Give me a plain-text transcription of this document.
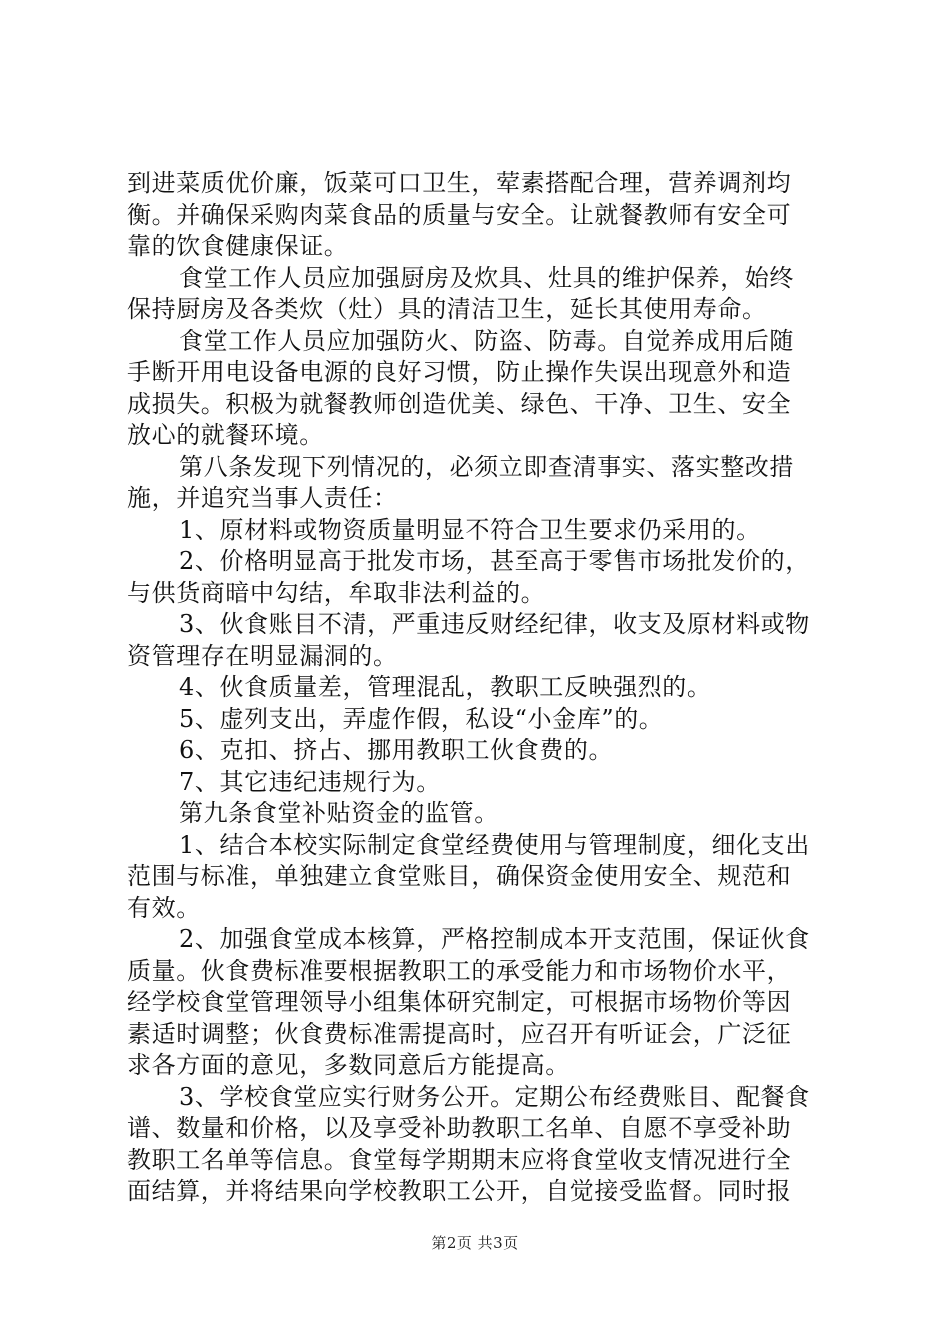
到进菜质优价廉，饭菜可口卫生，荤素搭配合理，营养调剂均
衡。并确保采购肉菜食品的质量与安全。让就餐教师有安全可
靠的饮食健康保证。
食堂工作人员应加强厨房及炊具、灶具的维护保养，始终
保持厨房及各类炊（灶）具的清洁卫生，延长其使用寿命。
食堂工作人员应加强防火、防盗、防毒。自觉养成用后随
手断开用电设备电源的良好习惯，防止操作失误出现意外和造
成损失。积极为就餐教师创造优美、绿色、干净、卫生、安全
放心的就餐环境。
第八条发现下列情况的，必须立即查清事实、落实整改措
施，并追究当事人责任：
1、原材料或物资质量明显不符合卫生要求仍采用的。
2、价格明显高于批发市场，甚至高于零售市场批发价的，
与供货商暗中勾结，牟取非法利益的。
3、伙食账目不清，严重违反财经纪律，收支及原材料或物
资管理存在明显漏洞的。
4、伙食质量差，管理混乱，教职工反映强烈的。
5、虚列支出，弄虚作假，私设“小金库”的。
6、克扣、挤占、挪用教职工伙食费的。
7、其它违纪违规行为。
第九条食堂补贴资金的监管。
1、结合本校实际制定食堂经费使用与管理制度，细化支出
范围与标准，单独建立食堂账目，确保资金使用安全、规范和
有效。
2、加强食堂成本核算，严格控制成本开支范围，保证伙食
质量。伙食费标准要根据教职工的承受能力和市场物价水平，
经学校食堂管理领导小组集体研究制定，可根据市场物价等因
素适时调整；伙食费标准需提高时，应召开有听证会，广泛征
求各方面的意见，多数同意后方能提高。
3、学校食堂应实行财务公开。定期公布经费账目、配餐食
谱、数量和价格，以及享受补助教职工名单、自愿不享受补助
教职工名单等信息。食堂每学期期末应将食堂收支情况进行全
面结算，并将结果向学校教职工公开，自觉接受监督。同时报
第2页 共3页
